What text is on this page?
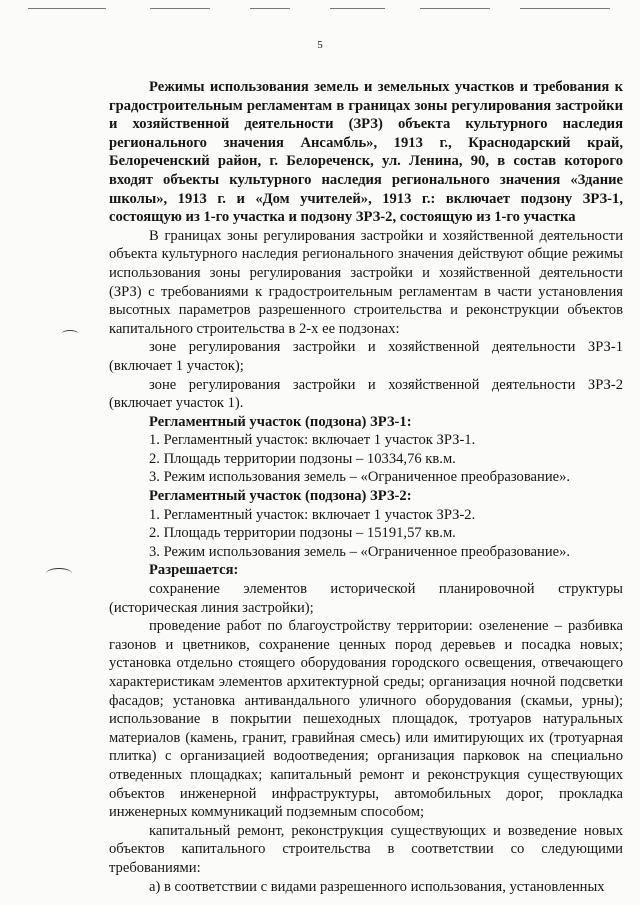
5

Режимы использования земель и земельных участков и требования к градостроительным регламентам в границах зоны регулирования застройки и хозяйственной деятельности (ЗРЗ) объекта культурного наследия регионального значения Ансамбль», 1913 г., Краснодарский край, Белореченский район, г. Белореченск, ул. Ленина, 90, в состав которого входят объекты культурного наследия регионального значения «Здание школы», 1913 г. и «Дом учителей», 1913 г.: включает подзону ЗРЗ-1, состоящую из 1-го участка и подзону ЗРЗ-2, состоящую из 1-го участка

В границах зоны регулирования застройки и хозяйственной деятельности объекта культурного наследия регионального значения действуют общие режимы использования зоны регулирования застройки и хозяйственной деятельности (ЗРЗ) с требованиями к градостроительным регламентам в части установления высотных параметров разрешенного строительства и реконструкции объектов капитального строительства в 2-х ее подзонах:

зоне регулирования застройки и хозяйственной деятельности ЗРЗ-1 (включает 1 участок);

зоне регулирования застройки и хозяйственной деятельности ЗРЗ-2 (включает участок 1).

Регламентный участок (подзона) ЗРЗ-1:

1. Регламентный участок: включает 1 участок ЗРЗ-1.

2. Площадь территории подзоны – 10334,76 кв.м.

3. Режим использования земель – «Ограниченное преобразование».

Регламентный участок (подзона) ЗРЗ-2:

1. Регламентный участок: включает 1 участок ЗРЗ-2.

2. Площадь территории подзоны – 15191,57 кв.м.

3. Режим использования земель – «Ограниченное преобразование».

Разрешается:

сохранение элементов исторической планировочной структуры (историческая линия застройки);

проведение работ по благоустройству территории: озеленение – разбивка газонов и цветников, сохранение ценных пород деревьев и посадка новых; установка отдельно стоящего оборудования городского освещения, отвечающего характеристикам элементов архитектурной среды; организация ночной подсветки фасадов; установка антивандального уличного оборудования (скамьи, урны); использование в покрытии пешеходных площадок, тротуаров натуральных материалов (камень, гранит, гравийная смесь) или имитирующих их (тротуарная плитка) с организацией водоотведения; организация парковок на специально отведенных площадках; капитальный ремонт и реконструкция существующих объектов инженерной инфраструктуры, автомобильных дорог, прокладка инженерных коммуникаций подземным способом;

капитальный ремонт, реконструкция существующих и возведение новых объектов капитального строительства в соответствии со следующими требованиями:

а) в соответствии с видами разрешенного использования, установленных
